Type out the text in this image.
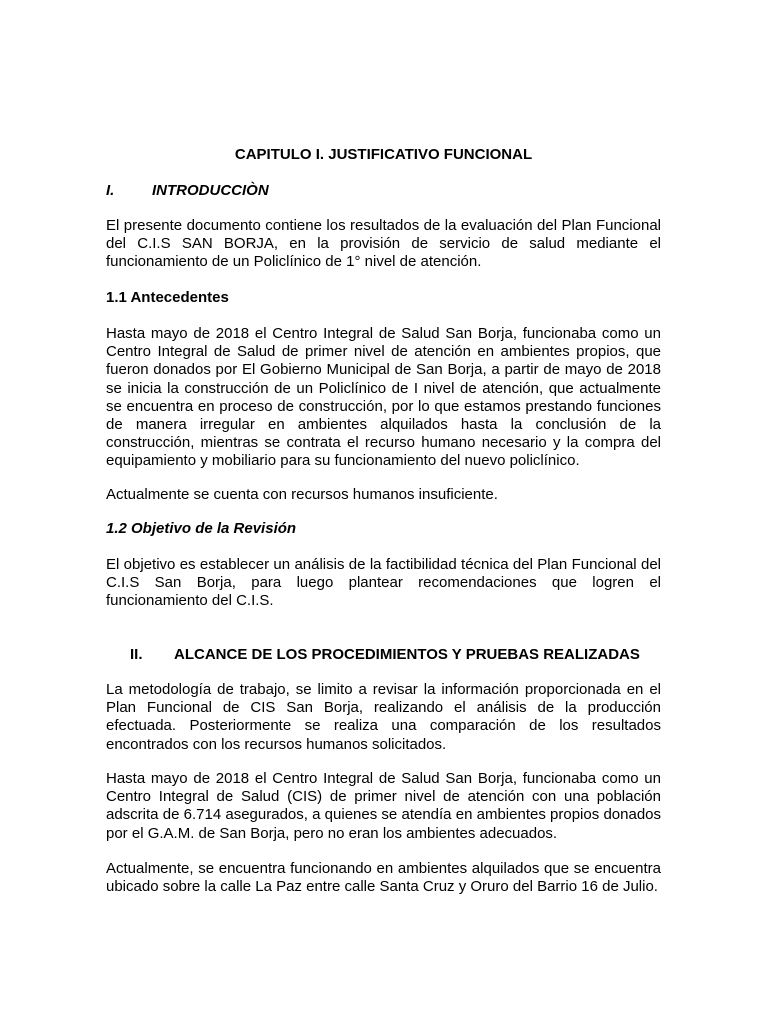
CAPITULO I. JUSTIFICATIVO FUNCIONAL
I.	INTRODUCCIÒN

El presente documento contiene los resultados de la evaluación del Plan Funcional del C.I.S SAN BORJA, en la provisión de servicio de salud mediante el funcionamiento de un Policlínico de 1° nivel de atención.

1.1 Antecedentes

Hasta mayo de 2018 el Centro Integral de Salud San Borja, funcionaba como un Centro Integral de Salud de primer nivel de atención en ambientes propios, que fueron donados por El Gobierno Municipal de San Borja, a partir de mayo de 2018 se inicia la construcción de un Policlínico de I nivel de atención, que actualmente se encuentra en proceso de construcción, por lo que estamos prestando funciones de manera irregular en ambientes alquilados hasta la conclusión de la construcción, mientras se contrata el recurso humano necesario y la compra del equipamiento y mobiliario para su funcionamiento del nuevo policlínico.

Actualmente se cuenta con recursos humanos insuficiente.

1.2 Objetivo de la Revisión

El objetivo es establecer un análisis de la factibilidad técnica del Plan Funcional del C.I.S San Borja, para luego plantear recomendaciones que logren el funcionamiento del C.I.S.

II. ALCANCE DE LOS PROCEDIMIENTOS Y PRUEBAS REALIZADAS

La metodología de trabajo, se limito a revisar la información proporcionada en el Plan Funcional de CIS San Borja, realizando el análisis de la producción efectuada. Posteriormente se realiza una comparación de los resultados encontrados con los recursos humanos solicitados.

Hasta mayo de 2018 el Centro Integral de Salud San Borja, funcionaba como un Centro Integral de Salud (CIS) de primer nivel de atención con una población adscrita de 6.714 asegurados, a quienes se atendía en ambientes propios donados por el G.A.M. de San Borja, pero no eran los ambientes adecuados.

Actualmente, se encuentra funcionando en ambientes alquilados que se encuentra ubicado sobre la calle La Paz entre calle Santa Cruz y Oruro del Barrio 16 de Julio.
